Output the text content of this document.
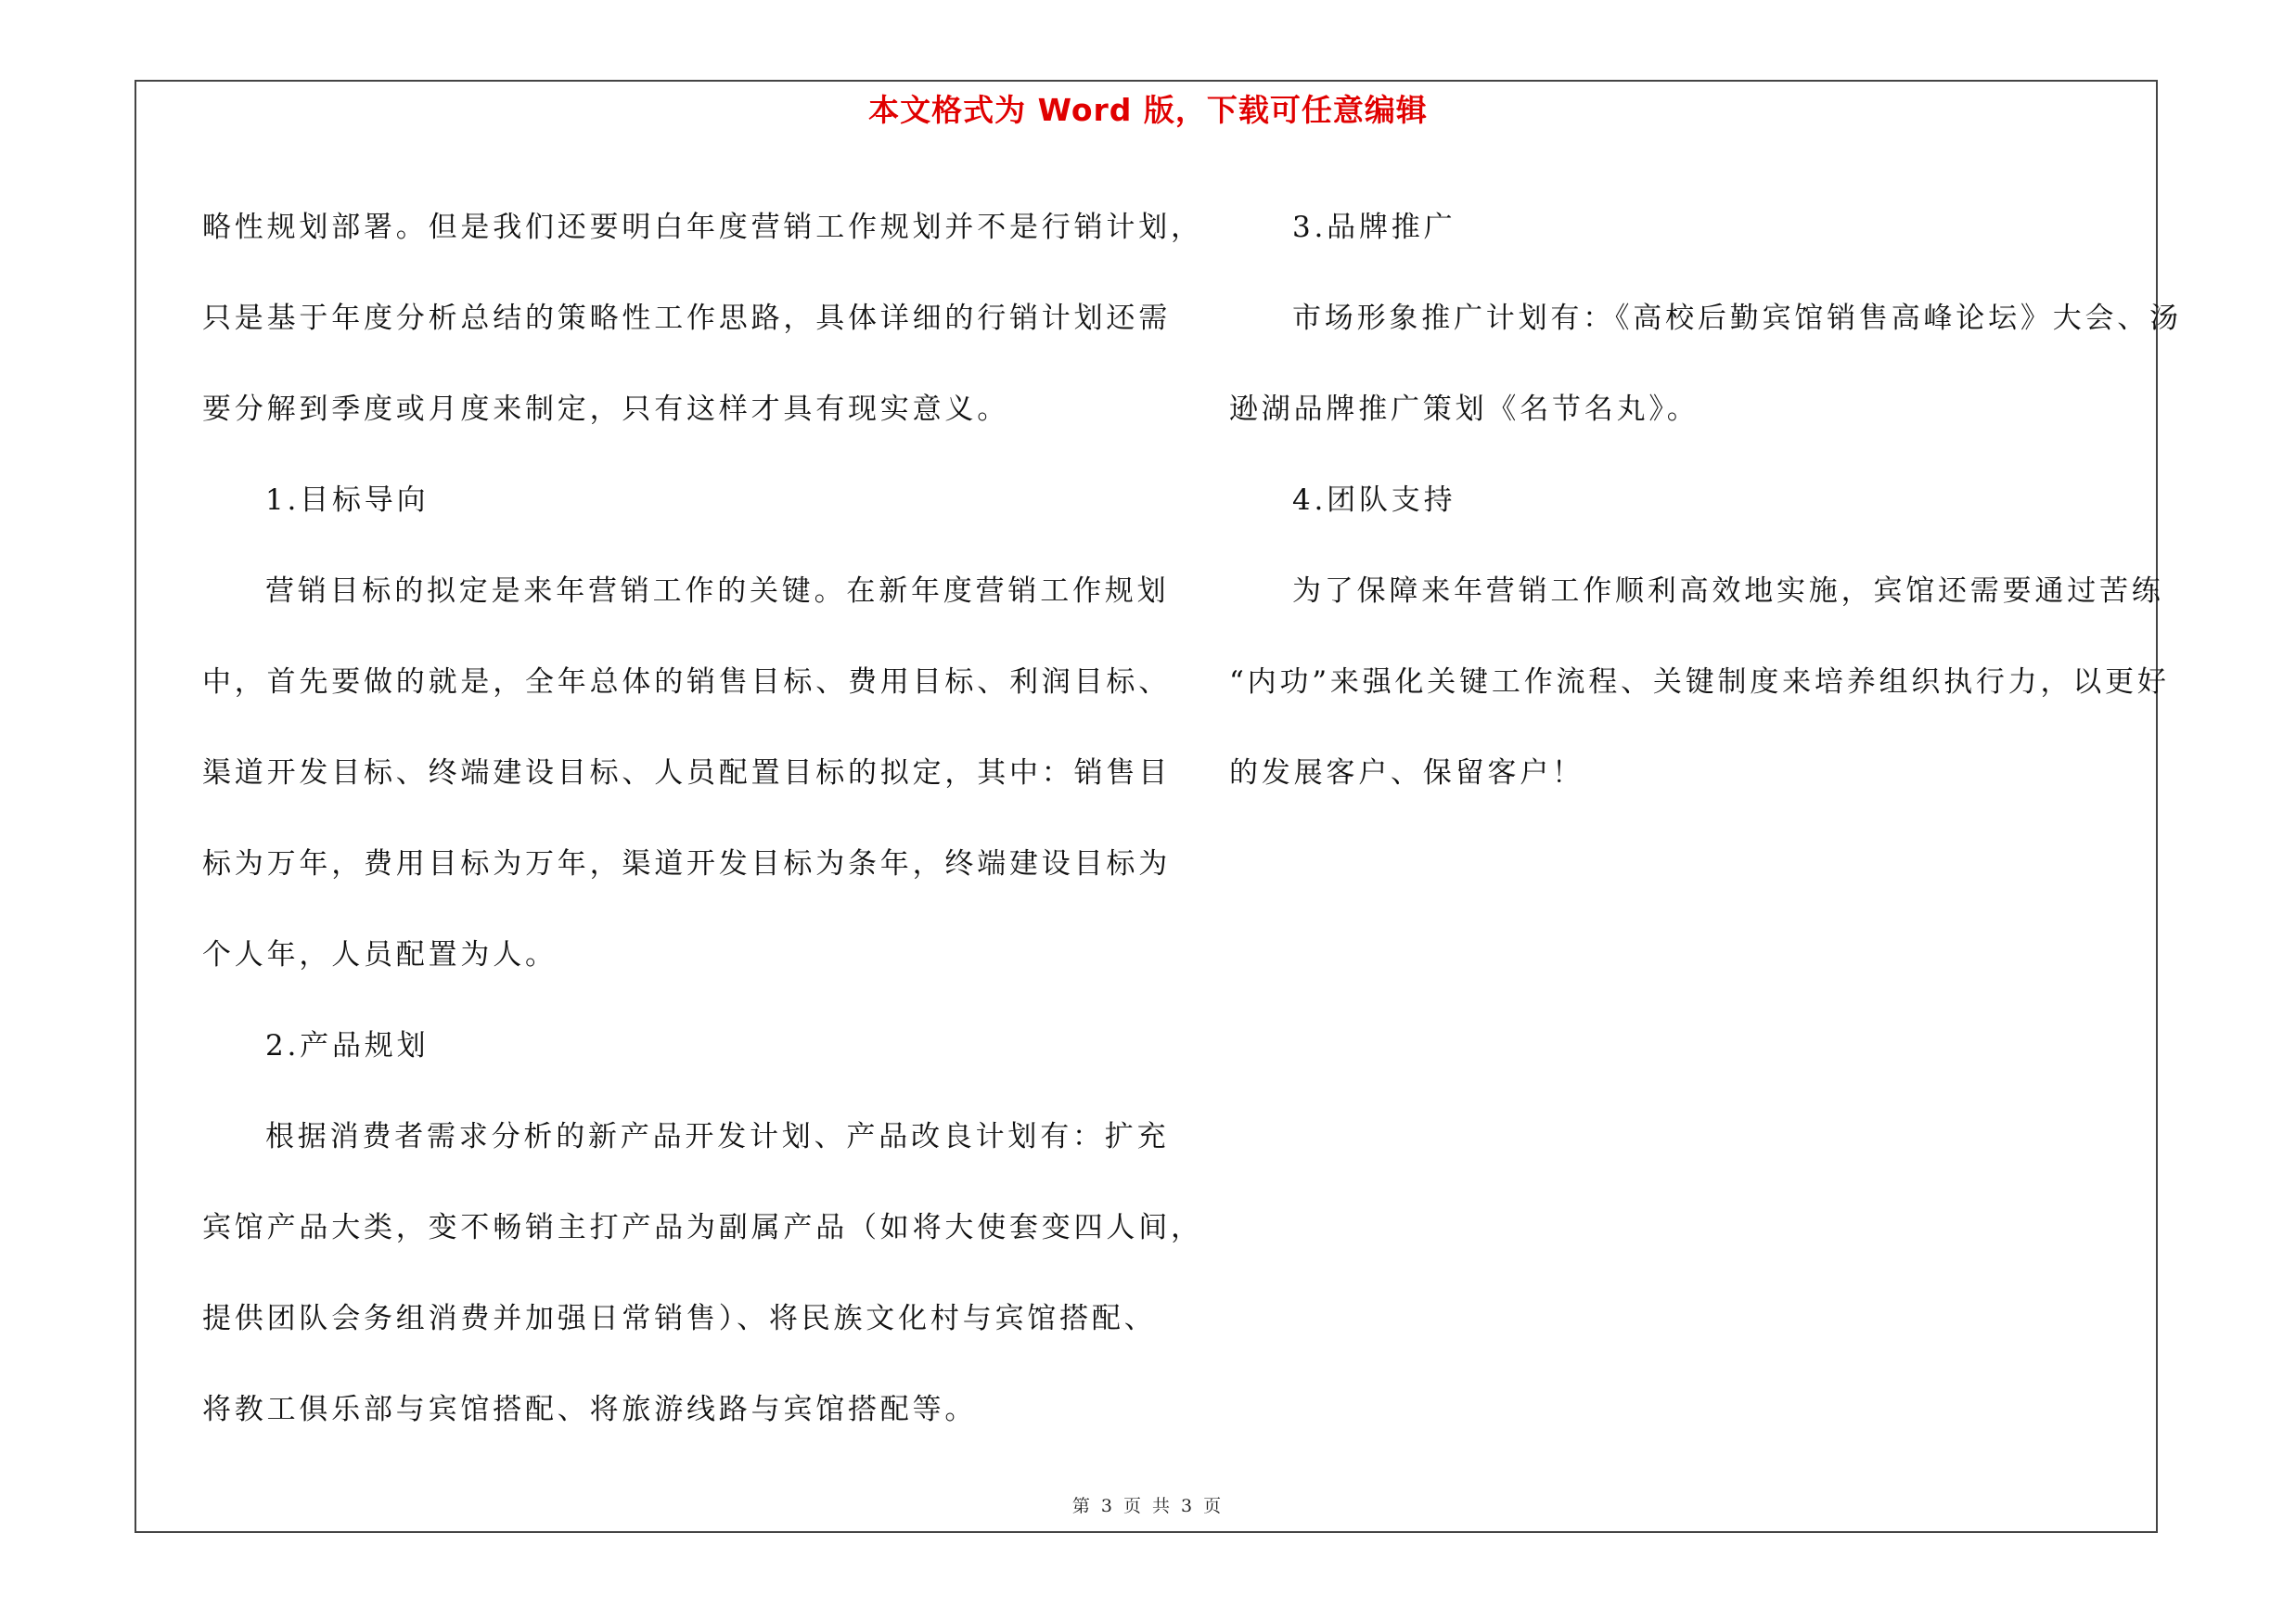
本文格式为 Word 版，下载可任意编辑

略性规划部署。但是我们还要明白年度营销工作规划并不是行销计划，

只是基于年度分析总结的策略性工作思路，具体详细的行销计划还需

要分解到季度或月度来制定，只有这样才具有现实意义。

1.目标导向

营销目标的拟定是来年营销工作的关键。在新年度营销工作规划

中，首先要做的就是，全年总体的销售目标、费用目标、利润目标、

渠道开发目标、终端建设目标、人员配置目标的拟定，其中：销售目

标为万年，费用目标为万年，渠道开发目标为条年，终端建设目标为

个人年，人员配置为人。

2.产品规划

根据消费者需求分析的新产品开发计划、产品改良计划有：扩充

宾馆产品大类，变不畅销主打产品为副属产品（如将大使套变四人间，

提供团队会务组消费并加强日常销售）、将民族文化村与宾馆搭配、

将教工俱乐部与宾馆搭配、将旅游线路与宾馆搭配等。

3.品牌推广

市场形象推广计划有：《高校后勤宾馆销售高峰论坛》大会、汤

逊湖品牌推广策划《名节名丸》。

4.团队支持

为了保障来年营销工作顺利高效地实施，宾馆还需要通过苦练

“内功”来强化关键工作流程、关键制度来培养组织执行力，以更好

的发展客户、保留客户！

第 3 页 共 3 页
